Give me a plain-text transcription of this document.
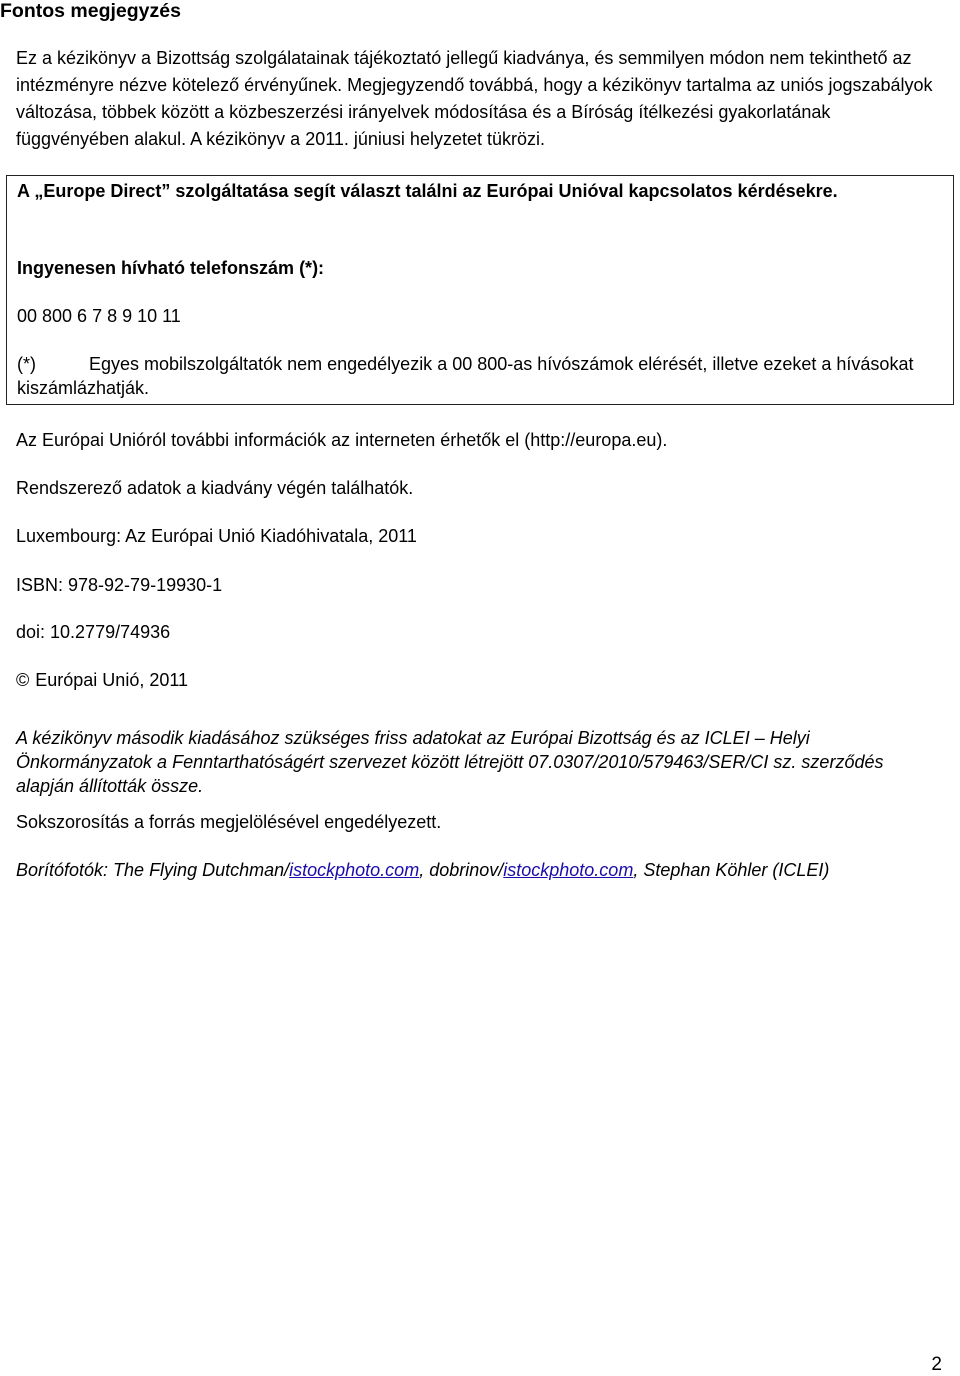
Fontos megjegyzés
Ez a kézikönyv a Bizottság szolgálatainak tájékoztató jellegű kiadványa, és semmilyen módon nem tekinthető az intézményre nézve kötelező érvényűnek. Megjegyzendő továbbá, hogy a kézikönyv tartalma az uniós jogszabályok változása, többek között a közbeszerzési irányelvek módosítása és a Bíróság ítélkezési gyakorlatának függvényében alakul. A kézikönyv a 2011. júniusi helyzetet tükrözi.
A „Europe Direct” szolgáltatása segít választ találni az Európai Unióval kapcsolatos kérdésekre.
Ingyenesen hívható telefonszám (*):
00 800 6 7 8 9 10 11
(*)	Egyes mobilszolgáltatók nem engedélyezik a 00 800-as hívószámok elérését, illetve ezeket a hívásokat kiszámlázhatják.
Az Európai Unióról további információk az interneten érhetők el (http://europa.eu).
Rendszerező adatok a kiadvány végén találhatók.
Luxembourg: Az Európai Unió Kiadóhivatala, 2011
ISBN: 978-92-79-19930-1
doi: 10.2779/74936
© Európai Unió, 2011
A kézikönyv második kiadásához szükséges friss adatokat az Európai Bizottság és az ICLEI – Helyi Önkormányzatok a Fenntarthatóságért szervezet között létrejött 07.0307/2010/579463/SER/CI sz. szerződés alapján állították össze.
Sokszorosítás a forrás megjelölésével engedélyezett.
Borítófotók: The Flying Dutchman/istockphoto.com, dobrinov/istockphoto.com, Stephan Köhler (ICLEI)
2
